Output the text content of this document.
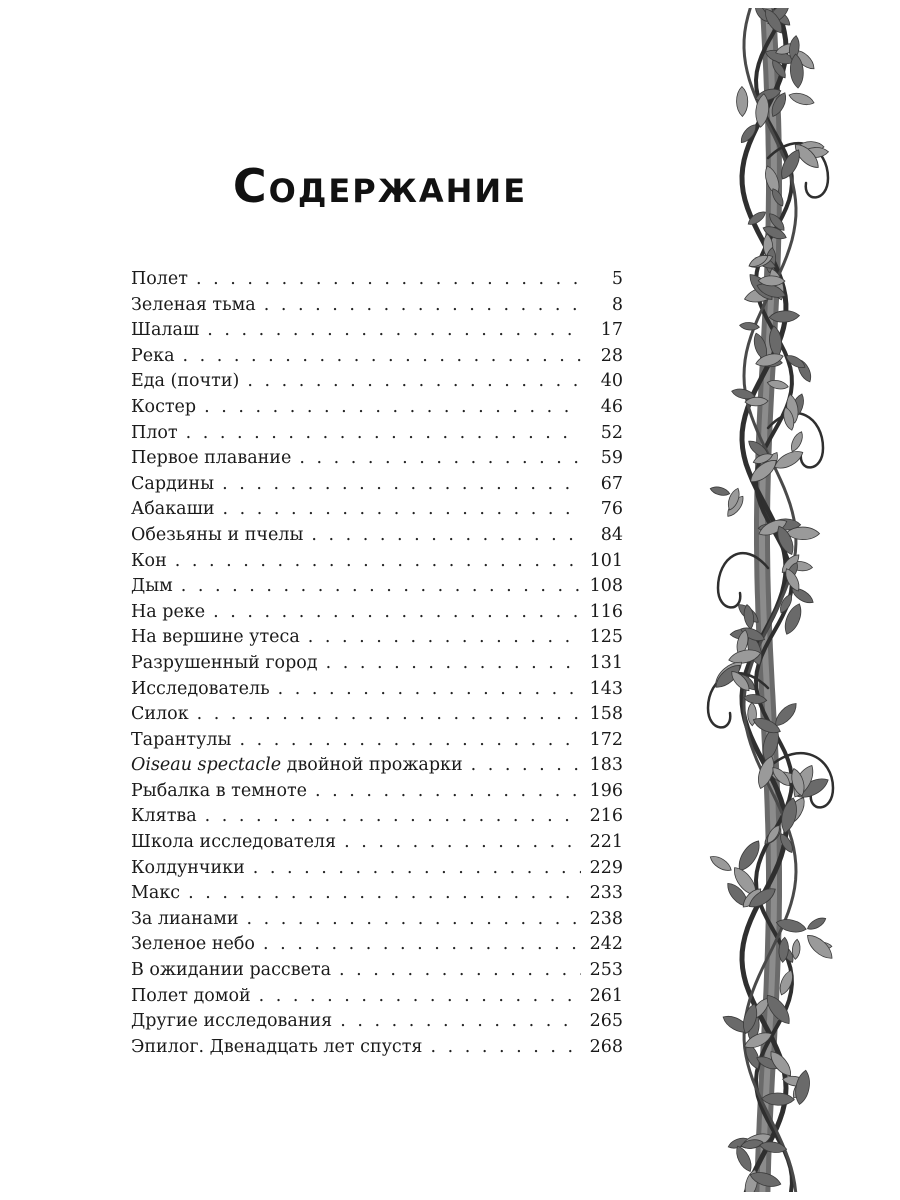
Содержание
Полет . . .	5
Зеленая тьма . . .	8
Шалаш . . .	17
Река . . .	28
Еда (почти) . . .	40
Костер . . .	46
Плот . . .	52
Первое плавание . . .	59
Сардины . . .	67
Абакаши . . .	76
Обезьяны и пчелы . . .	84
Кон . . .	101
Дым . . .	108
На реке . . .	116
На вершине утеса . . .	125
Разрушенный город . . .	131
Исследователь . . .	143
Силок . . .	158
Тарантулы . . .	172
Oiseau spectacle двойной прожарки . . .	183
Рыбалка в темноте . . .	196
Клятва . . .	216
Школа исследователя . . .	221
Колдунчики . . .	229
Макс . . .	233
За лианами . . .	238
Зеленое небо . . .	242
В ожидании рассвета . . .	253
Полет домой . . .	261
Другие исследования . . .	265
Эпилог. Двенадцать лет спустя . . .	268
